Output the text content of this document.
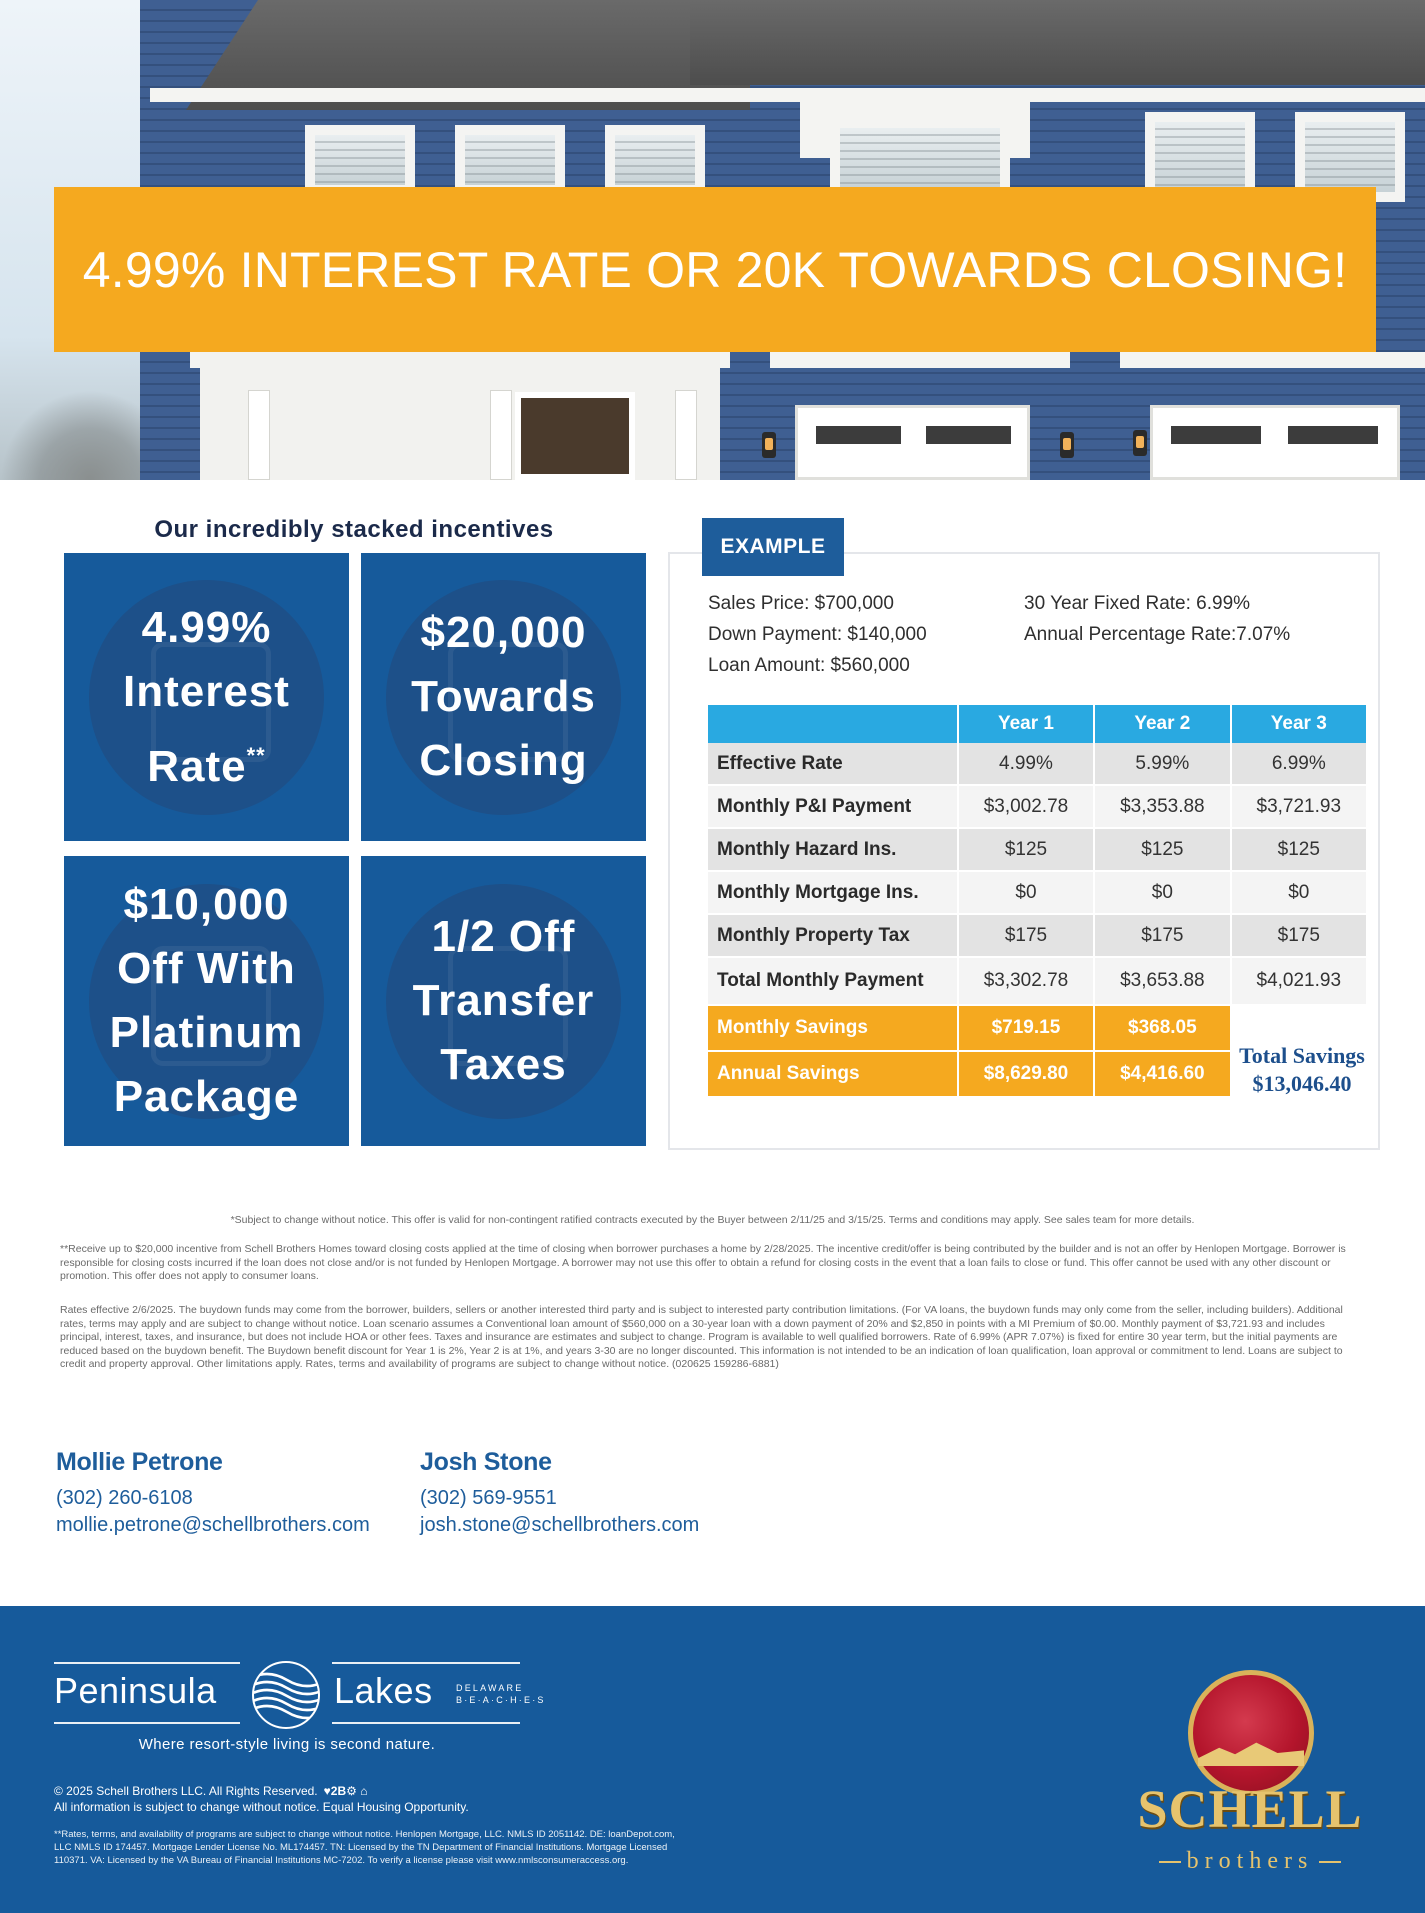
4.99% INTEREST RATE OR 20K TOWARDS CLOSING!
Our incredibly stacked incentives
4.99%
Interest
Rate**
$20,000
Towards
Closing
$10,000
Off With
Platinum
Package
1/2 Off
Transfer
Taxes
EXAMPLE
Sales Price: $700,000
Down Payment: $140,000
Loan Amount: $560,000
30 Year Fixed Rate: 6.99%
Annual Percentage Rate:7.07%
	Year 1	Year 2	Year 3
Effective Rate	4.99%	5.99%	6.99%
Monthly P&I Payment	$3,002.78	$3,353.88	$3,721.93
Monthly Hazard Ins.	$125	$125	$125
Monthly Mortgage Ins.	$0	$0	$0
Monthly Property Tax	$175	$175	$175
Total Monthly Payment	$3,302.78	$3,653.88	$4,021.93
Monthly Savings	$719.15	$368.05	
Annual Savings	$8,629.80	$4,416.60	
Total Savings
$13,046.40
*Subject to change without notice. This offer is valid for non-contingent ratified contracts executed by the Buyer between 2/11/25 and 3/15/25. Terms and conditions may apply. See sales team for more details.
**Receive up to $20,000 incentive from Schell Brothers Homes toward closing costs applied at the time of closing when borrower purchases a home by 2/28/2025. The incentive credit/offer is being contributed by the builder and is not an offer by Henlopen Mortgage. Borrower is responsible for closing costs incurred if the loan does not close and/or is not funded by Henlopen Mortgage. A borrower may not use this offer to obtain a refund for closing costs in the event that a loan fails to close or fund. This offer cannot be used with any other discount or promotion. This offer does not apply to consumer loans.
Rates effective 2/6/2025. The buydown funds may come from the borrower, builders, sellers or another interested third party and is subject to interested party contribution limitations. (For VA loans, the buydown funds may only come from the seller, including builders). Additional rates, terms may apply and are subject to change without notice. Loan scenario assumes a Conventional loan amount of $560,000 on a 30-year loan with a down payment of 20% and $2,850 in points with a MI Premium of $0.00. Monthly payment of $3,721.93 and includes principal, interest, taxes, and insurance, but does not include HOA or other fees. Taxes and insurance are estimates and subject to change. Program is available to well qualified borrowers. Rate of 6.99% (APR 7.07%) is fixed for entire 30 year term, but the initial payments are reduced based on the buydown benefit. The Buydown benefit discount for Year 1 is 2%, Year 2 is at 1%, and years 3-30 are no longer discounted. This information is not intended to be an indication of loan qualification, loan approval or commitment to lend. Loans are subject to credit and property approval. Other limitations apply. Rates, terms and availability of programs are subject to change without notice. (020625 159286-6881)
Mollie Petrone
(302) 260-6108
mollie.petrone@schellbrothers.com
Josh Stone
(302) 569-9551
josh.stone@schellbrothers.com
Peninsula	Lakes	DELAWARE
B·E·A·C·H·E·S
Where resort-style living is second nature.
© 2025 Schell Brothers LLC. All Rights Reserved. ♥2B⚙ ⌂
All information is subject to change without notice. Equal Housing Opportunity.
**Rates, terms, and availability of programs are subject to change without notice. Henlopen Mortgage, LLC. NMLS ID 2051142. DE: loanDepot.com, LLC NMLS ID 174457. Mortgage Lender License No. ML174457. TN: Licensed by the TN Department of Financial Institutions. Mortgage Licensed 110371. VA: Licensed by the VA Bureau of Financial Institutions MC-7202. To verify a license please visit www.nmlsconsumeraccess.org.
SCHELL
brothers
